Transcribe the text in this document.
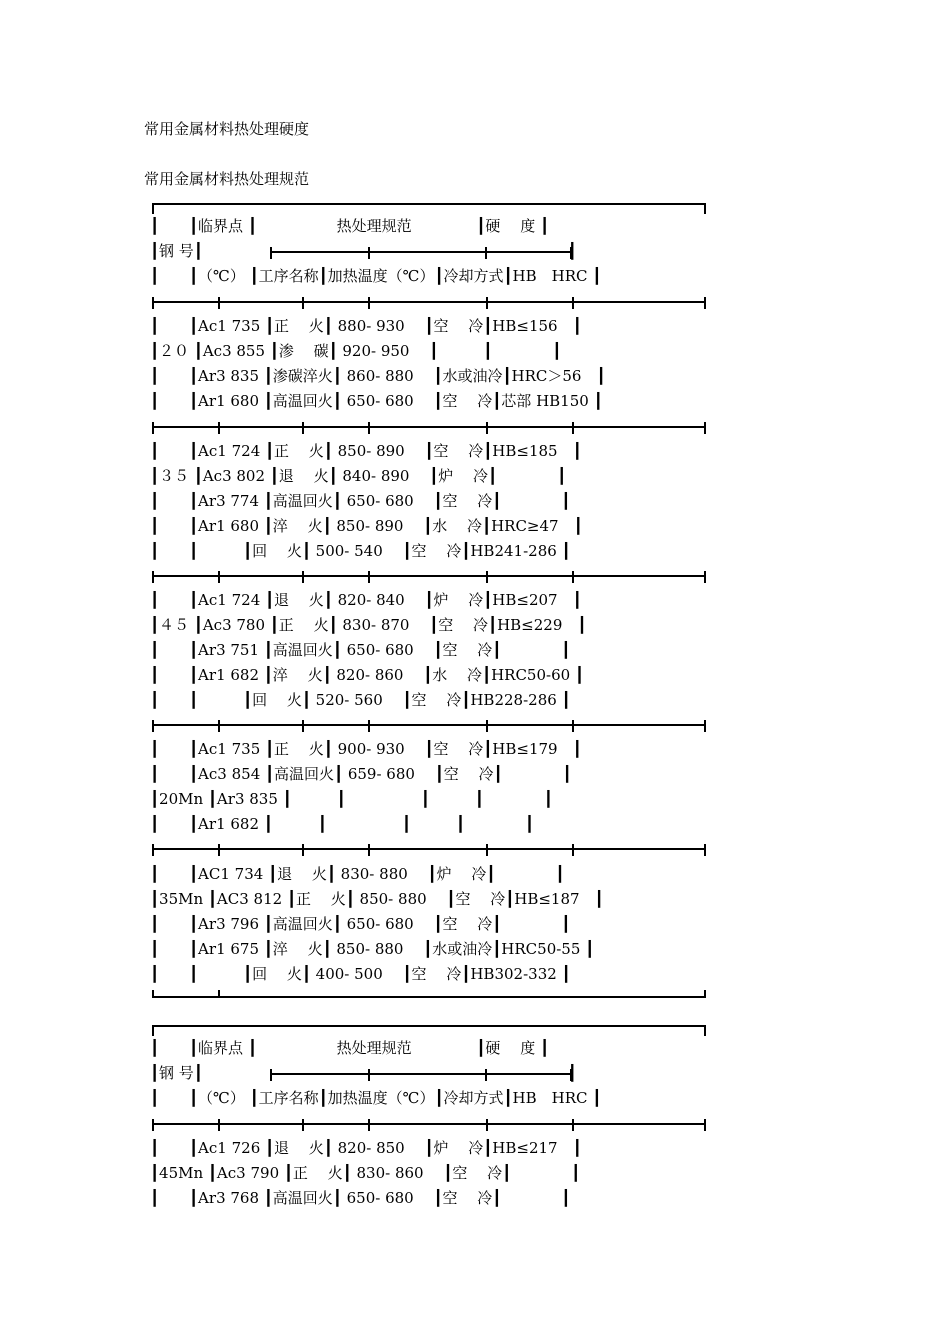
常用金属材料热处理硬度
常用金属材料热处理规范
┃　　┃临界点 ┃　　　　　 热处理规范　　　　 ┃硬　 度 ┃
┃钢 号┃　　　　　　　　　　　　　　　　　　　　　　　　 ┃
┃　　┃（℃） ┃工序名称┃加热温度（℃）┃冷却方式┃HB　HRC ┃
┃　　┃Ac1 735 ┃正　 火┃ 880- 930　 ┃空　 冷┃HB≤156　┃
┃２０ ┃Ac3 855 ┃渗　 碳┃ 920- 950　 ┃　　　┃　　　　┃
┃　　┃Ar3 835 ┃渗碳淬火┃ 860- 880　 ┃水或油冷┃HRC＞56　┃
┃　　┃Ar1 680 ┃高温回火┃ 650- 680　 ┃空　 冷┃芯部 HB150 ┃
┃　　┃Ac1 724 ┃正　 火┃ 850- 890　 ┃空　 冷┃HB≤185　┃
┃３５ ┃Ac3 802 ┃退　 火┃ 840- 890　 ┃炉　 冷┃　　　　┃
┃　　┃Ar3 774 ┃高温回火┃ 650- 680　 ┃空　 冷┃　　　　┃
┃　　┃Ar1 680 ┃淬　 火┃ 850- 890　 ┃水　 冷┃HRC≥47　┃
┃　　┃　　　┃回　 火┃ 500- 540　 ┃空　 冷┃HB241-286 ┃
┃　　┃Ac1 724 ┃退　 火┃ 820- 840　 ┃炉　 冷┃HB≤207　┃
┃４５ ┃Ac3 780 ┃正　 火┃ 830- 870　 ┃空　 冷┃HB≤229　┃
┃　　┃Ar3 751 ┃高温回火┃ 650- 680　 ┃空　 冷┃　　　　┃
┃　　┃Ar1 682 ┃淬　 火┃ 820- 860　 ┃水　 冷┃HRC50-60 ┃
┃　　┃　　　┃回　 火┃ 520- 560　 ┃空　 冷┃HB228-286 ┃
┃　　┃Ac1 735 ┃正　 火┃ 900- 930　 ┃空　 冷┃HB≤179　┃
┃　　┃Ac3 854 ┃高温回火┃ 659- 680　 ┃空　 冷┃　　　　┃
┃20Mn ┃Ar3 835 ┃　　　┃　　　　　┃　　　┃　　　　┃
┃　　┃Ar1 682 ┃　　　┃　　　　　┃　　　┃　　　　┃
┃　　┃AC1 734 ┃退　 火┃ 830- 880　 ┃炉　 冷┃　　　　┃
┃35Mn ┃AC3 812 ┃正　 火┃ 850- 880　 ┃空　 冷┃HB≤187　┃
┃　　┃Ar3 796 ┃高温回火┃ 650- 680　 ┃空　 冷┃　　　　┃
┃　　┃Ar1 675 ┃淬　 火┃ 850- 880　 ┃水或油冷┃HRC50-55 ┃
┃　　┃　　　┃回　 火┃ 400- 500　 ┃空　 冷┃HB302-332 ┃
┃　　┃临界点 ┃　　　　　 热处理规范　　　　 ┃硬　 度 ┃
┃钢 号┃　　　　　　　　　　　　　　　　　　　　　　　　 ┃
┃　　┃（℃） ┃工序名称┃加热温度（℃）┃冷却方式┃HB　HRC ┃
┃　　┃Ac1 726 ┃退　 火┃ 820- 850　 ┃炉　 冷┃HB≤217　┃
┃45Mn ┃Ac3 790 ┃正　 火┃ 830- 860　 ┃空　 冷┃　　　　┃
┃　　┃Ar3 768 ┃高温回火┃ 650- 680　 ┃空　 冷┃　　　　┃
